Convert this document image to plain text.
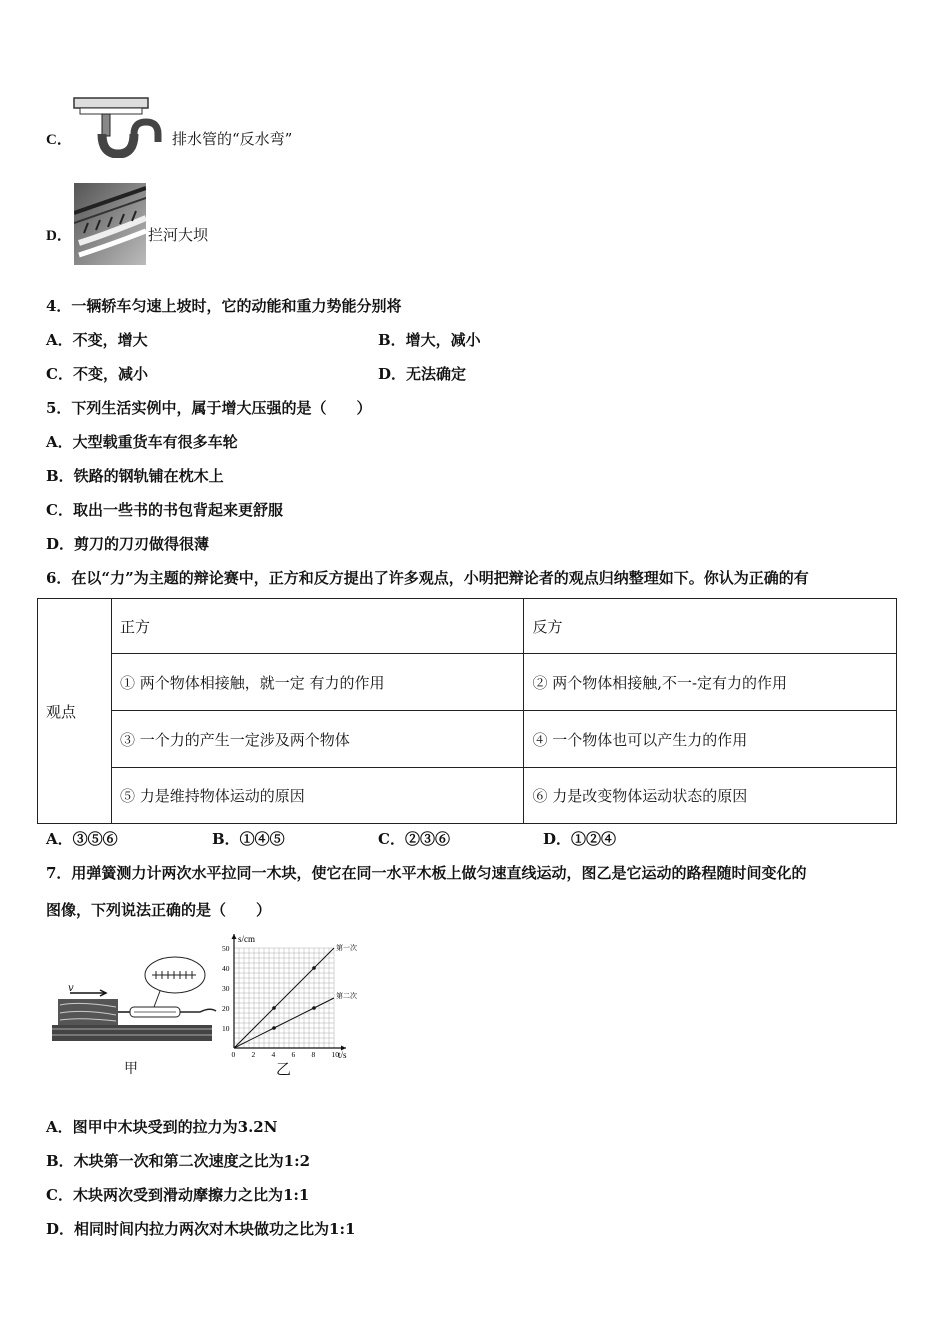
C．	排水管的“反水弯”
D．	拦河大坝
4．一辆轿车匀速上坡时，它的动能和重力势能分别将
A．不变，增大	B．增大，减小
C．不变，减小	D．无法确定
5．下列生活实例中，属于增大压强的是（　　）
A．大型载重货车有很多车轮
B．铁路的钢轨铺在枕木上
C．取出一些书的书包背起来更舒服
D．剪刀的刀刃做得很薄
6．在以“力”为主题的辩论赛中，正方和反方提出了许多观点，小明把辩论者的观点归纳整理如下。你认为正确的有
观点	正方	反方
	① 两个物体相接触，就一定 有力的作用	② 两个物体相接触,不一-定有力的作用
	③ 一个力的产生一定涉及两个物体	④ 一个物体也可以产生力的作用
	⑤ 力是维持物体运动的原因	⑥ 力是改变物体运动状态的原因
A．③⑤⑥	B．①④⑤	C．②③⑥	D．①②④
7．用弹簧测力计两次水平拉同一木块，使它在同一水平木板上做匀速直线运动，图乙是它运动的路程随时间变化的
图像，下列说法正确的是（　　）
v
甲
s/cm
t/s
0 2 4 6 8 10
10
20
30
40
50	第一次
第二次
乙
A．图甲中木块受到的拉力为3.2N
B．木块第一次和第二次速度之比为1:2
C．木块两次受到滑动摩擦力之比为1:1
D．相同时间内拉力两次对木块做功之比为1:1
